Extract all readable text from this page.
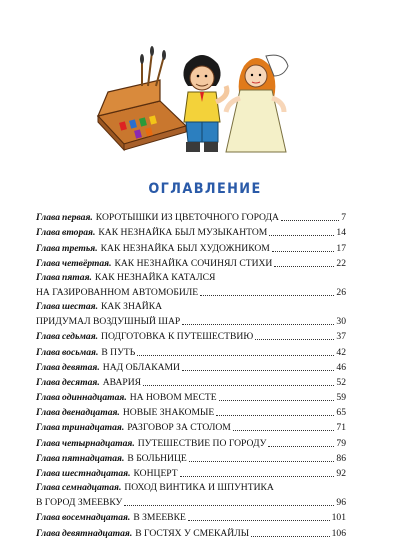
ОГЛАВЛЕНИЕ
Глава первая. КОРОТЫШКИ ИЗ ЦВЕТОЧНОГО ГОРОДА	7
Глава вторая. КАК НЕЗНАЙКА БЫЛ МУЗЫКАНТОМ	14
Глава третья. КАК НЕЗНАЙКА БЫЛ ХУДОЖНИКОМ	17
Глава четвёртая. КАК НЕЗНАЙКА СОЧИНЯЛ СТИХИ	22
Глава пятая. КАК НЕЗНАЙКА КАТАЛСЯ
НА ГАЗИРОВАННОМ АВТОМОБИЛЕ	26
Глава шестая. КАК ЗНАЙКА
ПРИДУМАЛ ВОЗДУШНЫЙ ШАР	30
Глава седьмая. ПОДГОТОВКА К ПУТЕШЕСТВИЮ	37
Глава восьмая. В ПУТЬ	42
Глава девятая. НАД ОБЛАКАМИ	46
Глава десятая. АВАРИЯ	52
Глава одиннадцатая. НА НОВОМ МЕСТЕ	59
Глава двенадцатая. НОВЫЕ ЗНАКОМЫЕ	65
Глава тринадцатая. РАЗГОВОР ЗА СТОЛОМ	71
Глава четырнадцатая. ПУТЕШЕСТВИЕ ПО ГОРОДУ	79
Глава пятнадцатая. В БОЛЬНИЦЕ	86
Глава шестнадцатая. КОНЦЕРТ	92
Глава семнадцатая. ПОХОД ВИНТИКА И ШПУНТИКА
В ГОРОД ЗМЕЕВКУ	96
Глава восемнадцатая. В ЗМЕЕВКЕ	101
Глава девятнадцатая. В ГОСТЯХ У СМЕКАЙЛЫ	106
